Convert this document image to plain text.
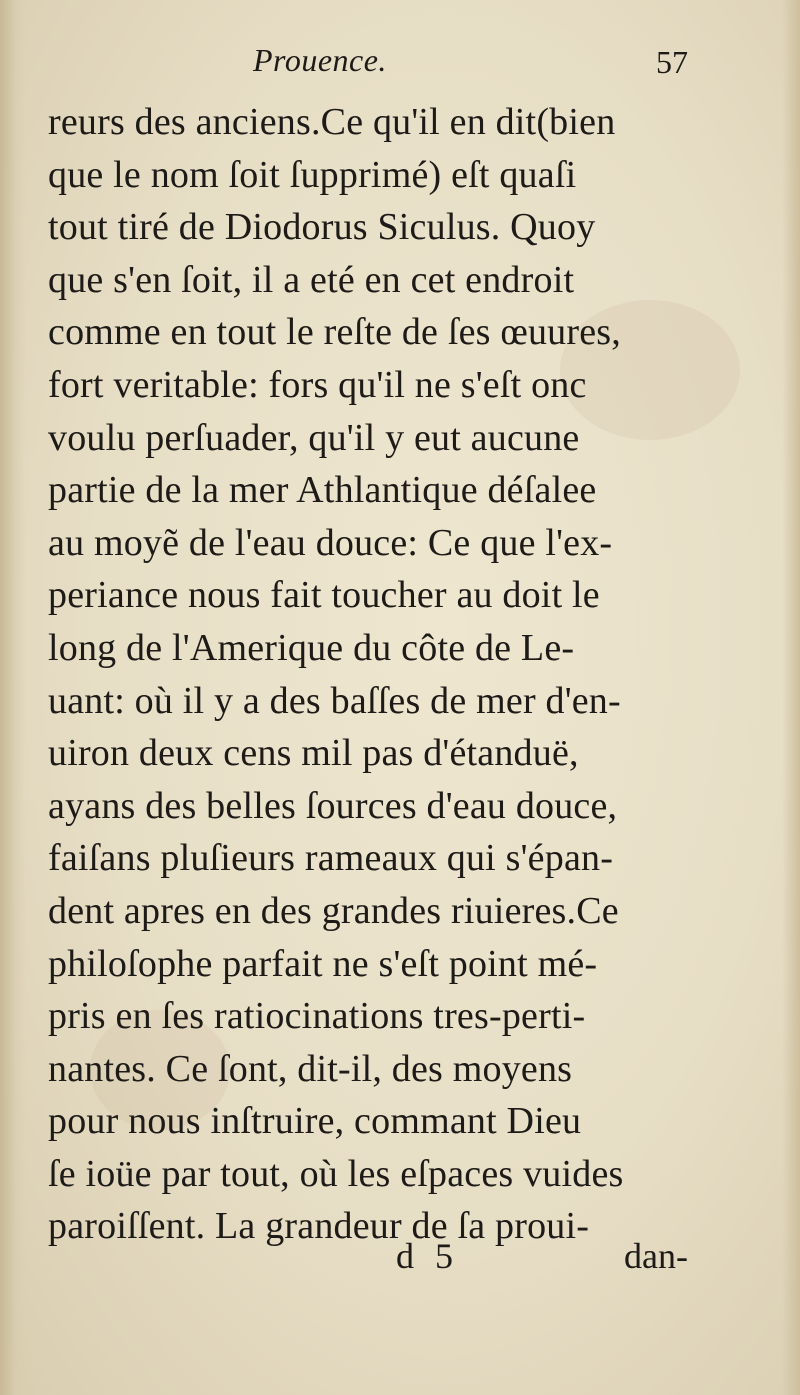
Prouence.	57
reurs des anciens.Ce qu'il en dit(bien
que le nom ſoit ſupprimé) eſt quaſi
tout tiré de Diodorus Siculus. Quoy
que s'en ſoit, il a eté en cet endroit
comme en tout le reſte de ſes œuures,
fort veritable: fors qu'il ne s'eſt onc
voulu perſuader, qu'il y eut aucune
partie de la mer Athlantique déſalee
au moyẽ de l'eau douce: Ce que l'ex-
periance nous fait toucher au doit le
long de l'Amerique du côte de Le-
uant: où il y a des baſſes de mer d'en-
uiron deux cens mil pas d'étanduë,
ayans des belles ſources d'eau douce,
faiſans pluſieurs rameaux qui s'épan-
dent apres en des grandes riuieres.Ce
philoſophe parfait ne s'eſt point mé-
pris en ſes ratiocinations tres-perti-
nantes. Ce ſont, dit-il, des moyens
pour nous inſtruire, commant Dieu
ſe ioüe par tout, où les eſpaces vuides
paroiſſent. La grandeur de ſa proui-
d 5	dan-
